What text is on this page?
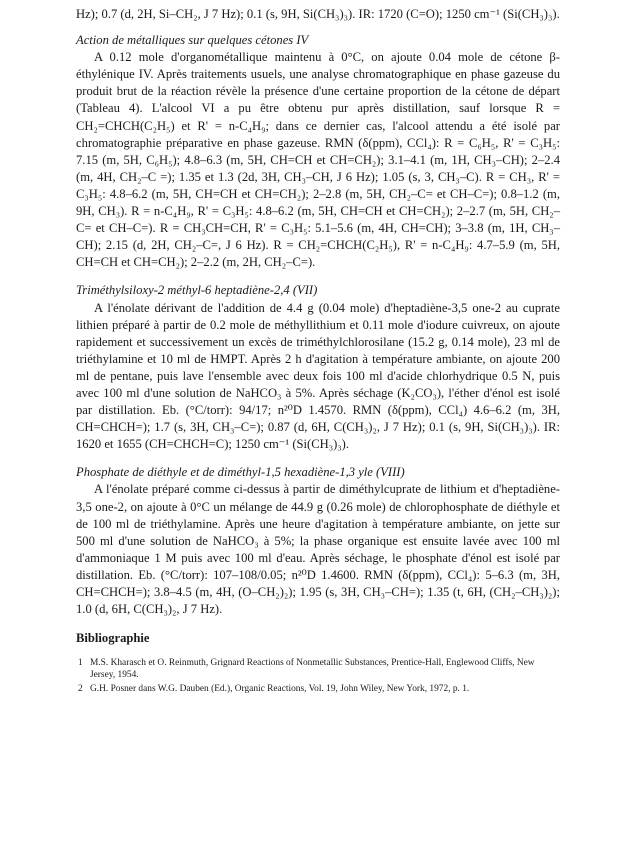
Hz); 0.7 (d, 2H, Si–CH₂, J 7 Hz); 0.1 (s, 9H, Si(CH₃)₃). IR: 1720 (C=O); 1250 cm⁻¹ (Si(CH₃)₃).

Action de métalliques sur quelques cétones IV

A 0.12 mole d'organométallique maintenu à 0°C, on ajoute 0.04 mole de cétone β-éthylénique IV. Après traitements usuels, une analyse chromatographique en phase gazeuse du produit brut de la réaction révèle la présence d'une certaine proportion de la cétone de départ (Tableau 4). L'alcool VI a pu être obtenu pur après distillation, sauf lorsque R = CH₂=CHCH(C₂H₅) et R' = n-C₄H₉; dans ce dernier cas, l'alcool attendu a été isolé par chromatographie préparative en phase gazeuse. RMN (δ(ppm), CCl₄): R = C₆H₅, R' = C₃H₅: 7.15 (m, 5H, C₆H₅); 4.8–6.3 (m, 5H, CH=CH et CH=CH₂); 3.1–4.1 (m, 1H, CH₃–CH); 2–2.4 (m, 4H, CH₂–C =); 1.35 et 1.3 (2d, 3H, CH₃–CH, J 6 Hz); 1.05 (s, 3, CH₃–C). R = CH₃, R' = C₃H₅: 4.8–6.2 (m, 5H, CH=CH et CH=CH₂); 2–2.8 (m, 5H, CH₂–C= et CH–C=); 0.8–1.2 (m, 9H, CH₃). R = n-C₄H₉, R' = C₃H₅: 4.8–6.2 (m, 5H, CH=CH et CH=CH₂); 2–2.7 (m, 5H, CH₂–C= et CH–C=). R = CH₃CH=CH, R' = C₃H₅: 5.1–5.6 (m, 4H, CH=CH); 3–3.8 (m, 1H, CH₃–CH); 2.15 (d, 2H, CH₂–C=, J 6 Hz). R = CH₂=CHCH(C₂H₅), R' = n-C₄H₉: 4.7–5.9 (m, 5H, CH=CH et CH=CH₂); 2–2.2 (m, 2H, CH₂–C=).

Triméthylsiloxy-2 méthyl-6 heptadiène-2,4 (VII)

A l'énolate dérivant de l'addition de 4.4 g (0.04 mole) d'heptadiène-3,5 one-2 au cuprate lithien préparé à partir de 0.2 mole de méthyllithium et 0.11 mole d'iodure cuivreux, on ajoute rapidement et successivement un excès de triméthylchlorosilane (15.2 g, 0.14 mole), 23 ml de triéthylamine et 10 ml de HMPT. Après 2 h d'agitation à température ambiante, on ajoute 200 ml de pentane, puis lave l'ensemble avec deux fois 100 ml d'acide chlorhydrique 0.5 N, puis avec 100 ml d'une solution de NaHCO₃ à 5%. Après séchage (K₂CO₃), l'éther d'énol est isolé par distillation. Eb. (°C/torr): 94/17; n²⁰D 1.4570. RMN (δ(ppm), CCl₄) 4.6–6.2 (m, 3H, CH=CHCH=); 1.7 (s, 3H, CH₃–C=); 0.87 (d, 6H, C(CH₃)₂, J 7 Hz); 0.1 (s, 9H, Si(CH₃)₃). IR: 1620 et 1655 (CH=CHCH=C); 1250 cm⁻¹ (Si(CH₃)₃).

Phosphate de diéthyle et de diméthyl-1,5 hexadiène-1,3 yle (VIII)

A l'énolate préparé comme ci-dessus à partir de diméthylcuprate de lithium et d'heptadiène-3,5 one-2, on ajoute à 0°C un mélange de 44.9 g (0.26 mole) de chlorophosphate de diéthyle et de 100 ml de triéthylamine. Après une heure d'agitation à température ambiante, on jette sur 500 ml d'une solution de NaHCO₃ à 5%; la phase organique est ensuite lavée avec 100 ml d'ammoniaque 1 M puis avec 100 ml d'eau. Après séchage, le phosphate d'énol est isolé par distillation. Eb. (°C/torr): 107–108/0.05; n²⁰D 1.4600. RMN (δ(ppm), CCl₄): 5–6.3 (m, 3H, CH=CHCH=); 3.8–4.5 (m, 4H, (O–CH₂)₂); 1.95 (s, 3H, CH₃–CH=); 1.35 (t, 6H, (CH₂–CH₃)₂); 1.0 (d, 6H, C(CH₃)₂, J 7 Hz).

Bibliographie

1 M.S. Kharasch et O. Reinmuth, Grignard Reactions of Nonmetallic Substances, Prentice-Hall, Englewood Cliffs, New Jersey, 1954.
2 G.H. Posner dans W.G. Dauben (Ed.), Organic Reactions, Vol. 19, John Wiley, New York, 1972, p. 1.
